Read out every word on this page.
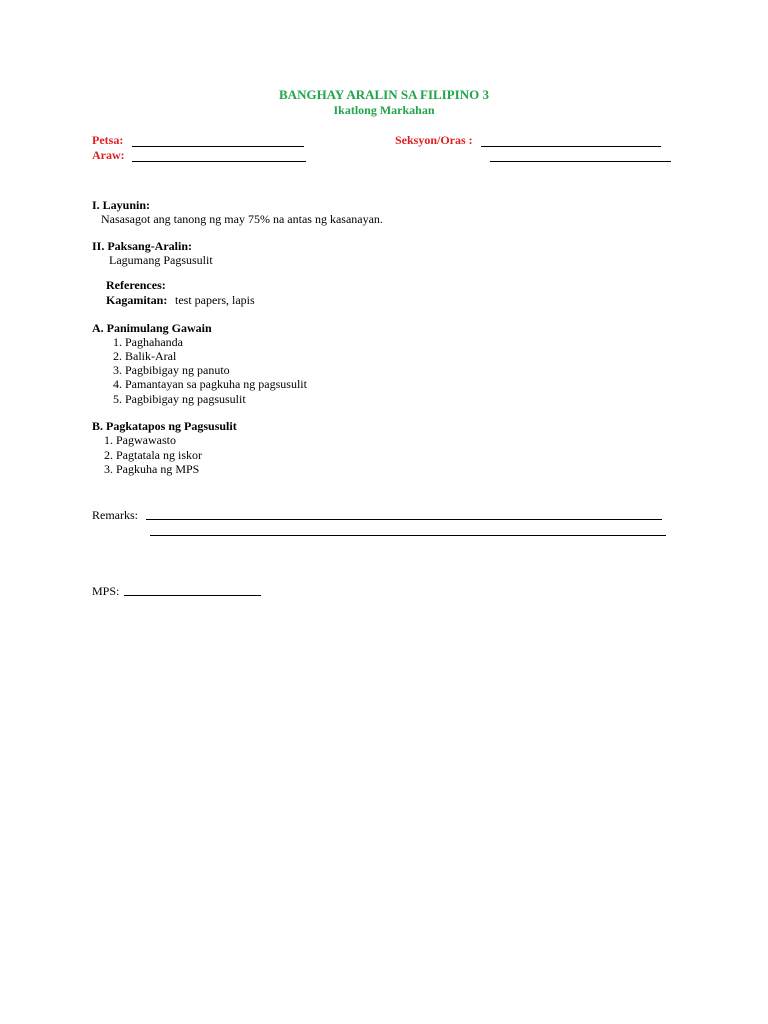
BANGHAY ARALIN SA FILIPINO 3
Ikatlong Markahan
Petsa:	Seksyon/Oras :
Araw:
I. Layunin:
Nasasagot ang tanong ng may 75% na antas ng kasanayan.
II. Paksang-Aralin:
Lagumang Pagsusulit
References:
Kagamitan: test papers, lapis
A. Panimulang Gawain
1. Paghahanda
2. Balik-Aral
3. Pagbibigay ng panuto
4. Pamantayan sa pagkuha ng pagsusulit
5. Pagbibigay ng pagsusulit
B. Pagkatapos ng Pagsusulit
1. Pagwawasto
2. Pagtatala ng iskor
3. Pagkuha ng MPS
Remarks:
MPS:
